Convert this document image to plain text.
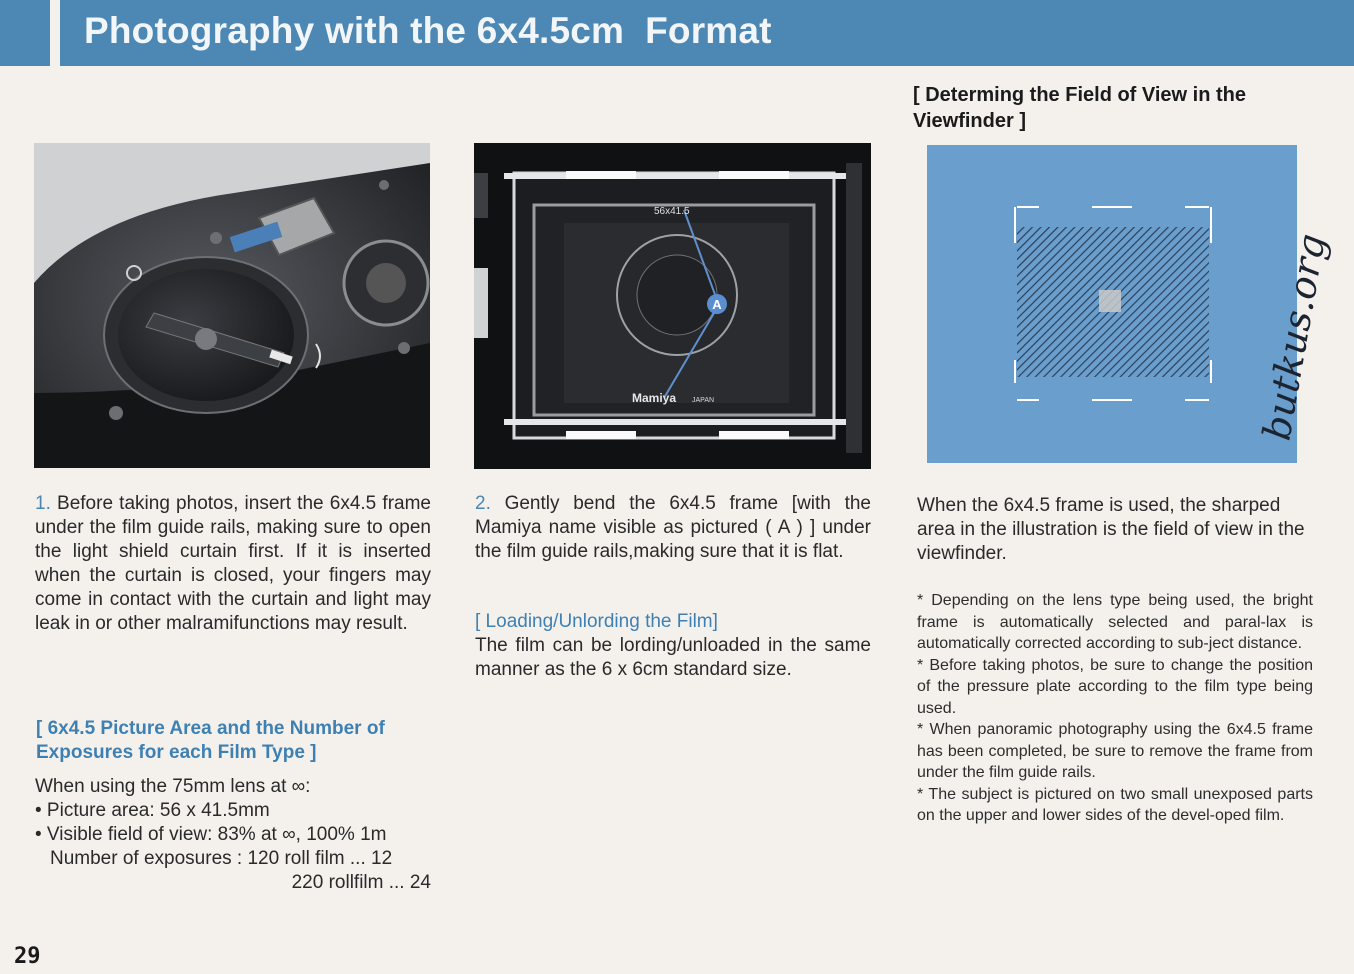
Photography with the 6x4.5cm  Format
1. Before taking photos, insert the 6x4.5 frame under the film guide rails, making sure to open the light shield curtain first. If it is inserted when the curtain is closed, your fingers may come in contact with the curtain and light may leak in or other malramifunctions may result.
[ 6x4.5 Picture Area and the Number of
Exposures for each Film Type ]
When using the 75mm lens at ∞:
• Picture area: 56 x 41.5mm
• Visible field of view: 83% at ∞, 100% 1m
Number of exposures : 120 roll film ... 12
220 rollfilm ... 24
A
56x41.5
Mamiya JAPAN
2. Gently bend the 6x4.5 frame [with the Mamiya name visible as pictured ( A ) ] under the film guide rails,making sure that it is flat.
[ Loading/Unlording the Film]
The film can be lording/unloaded in the same manner as the 6 x 6cm standard size.
[ Determing the Field of View in the
Viewfinder ]
butkus.org
When the 6x4.5 frame is used, the sharped area in the illustration is the field of view in the viewfinder.
* Depending on the lens type being used, the bright frame is automatically selected and paral-lax is automatically corrected according to sub-ject distance.
* Before taking photos, be sure to change the position of the pressure plate according to the film type being used.
* When panoramic photography using the 6x4.5 frame has been completed, be sure to remove the frame from under the film guide rails.
* The subject is pictured on two small unexposed parts on the upper and lower sides of the devel-oped film.
29
